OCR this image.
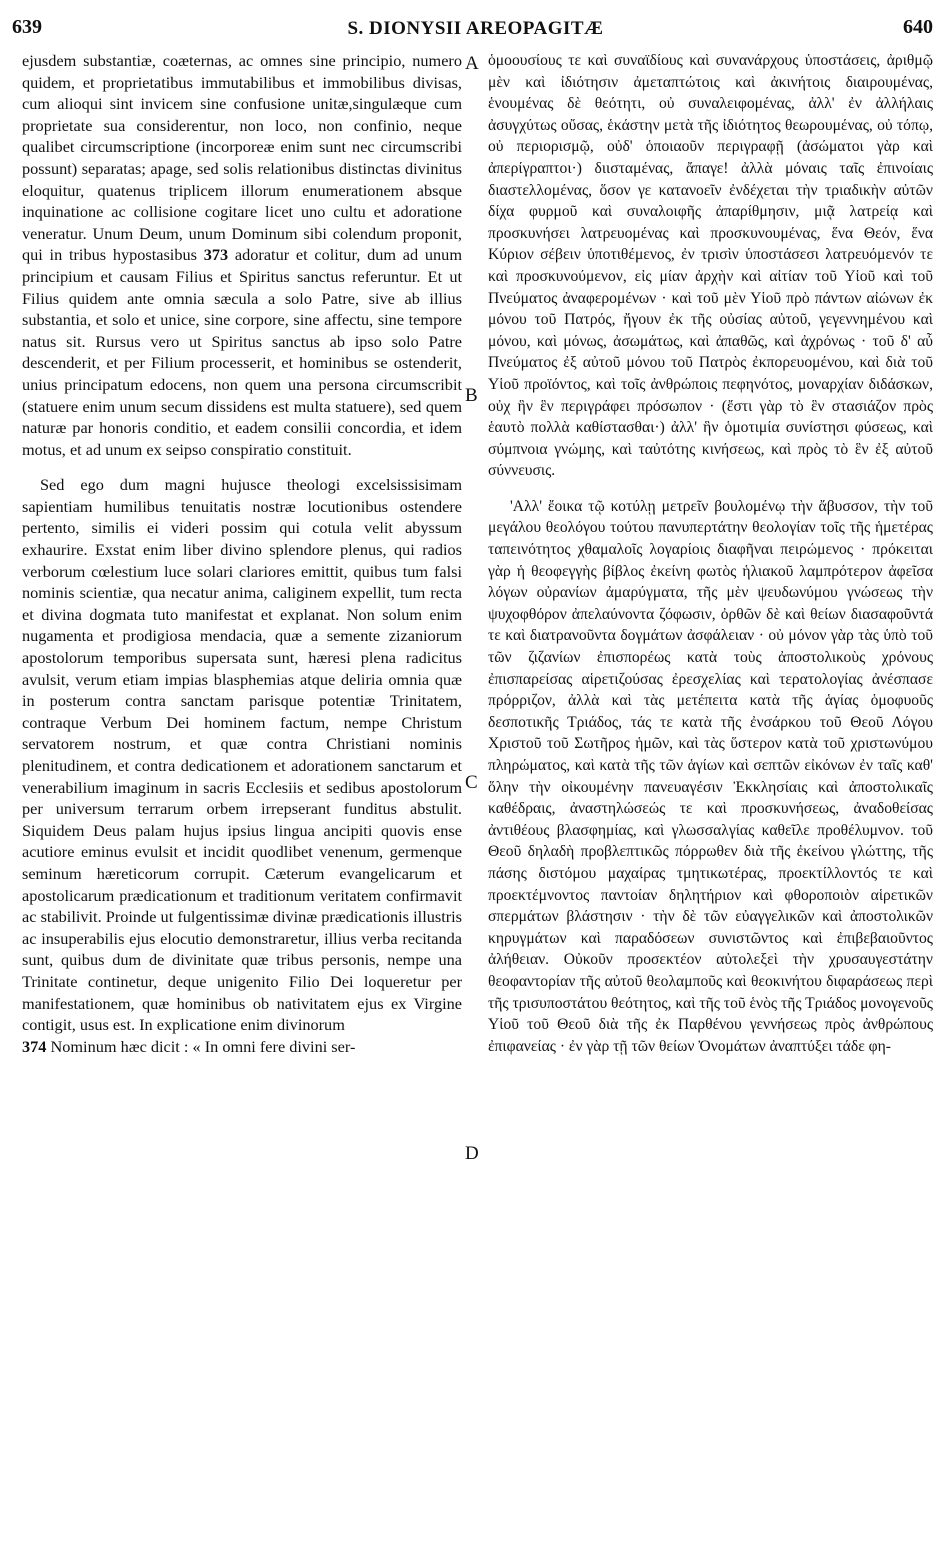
639	S. DIONYSII AREOPAGITÆ	640

ejusdem substantiæ, coæternas, ac omnes sine principio, numero quidem, et proprietatibus immutabilibus et immobilibus divisas, cum alioqui sint invicem sine confusione unitæ,singulæque cum proprietate sua considerentur, non loco, non confinio, neque qualibet circumscriptione (incorporeæ enim sunt nec circumscribi possunt) separatas; apage, sed solis relationibus distinctas divinitus eloquitur, quatenus triplicem illorum enumerationem absque inquinatione ac collisione cogitare licet uno cultu et adoratione veneratur. Unum Deum, unum Dominum sibi colendum proponit, qui in tribus hypostasibus 373 adoratur et colitur, dum ad unum principium et causam Filius et Spiritus sanctus referuntur. Et ut Filius quidem ante omnia sæcula a solo Patre, sive ab illius substantia, et solo et unice, sine corpore, sine affectu, sine tempore natus sit. Rursus vero ut Spiritus sanctus ab ipso solo Patre descenderit, et per Filium processerit, et hominibus se ostenderit, unius principatum edocens, non quem una persona circumscribit (statuere enim unum secum dissidens est multa statuere), sed quem naturæ par honoris conditio, et eadem consilii concordia, et idem motus, et ad unum ex seipso conspiratio constituit.

Sed ego dum magni hujusce theologi excelsissisimam sapientiam humilibus tenuitatis nostræ locutionibus ostendere pertento, similis ei videri possim qui cotula velit abyssum exhaurire. Exstat enim liber divino splendore plenus, qui radios verborum cœlestium luce solari clariores emittit, quibus tum falsi nominis scientiæ, qua necatur anima, caliginem expellit, tum recta et divina dogmata tuto manifestat et explanat. Non solum enim nugamenta et prodigiosa mendacia, quæ a semente zizaniorum apostolorum temporibus supersata sunt, hæresi plena radicitus avulsit, verum etiam impias blasphemias atque deliria omnia quæ in posterum contra sanctam parisque potentiæ Trinitatem, contraque Verbum Dei hominem factum, nempe Christum servatorem nostrum, et quæ contra Christiani nominis plenitudinem, et contra dedicationem et adorationem sanctarum et venerabilium imaginum in sacris Ecclesiis et sedibus apostolorum per universum terrarum orbem irrepserant funditus abstulit. Siquidem Deus palam hujus ipsius lingua ancipiti quovis ense acutiore eminus evulsit et incidit quodlibet venenum, germenque seminum hæreticorum corrupit. Cæterum evangelicarum et apostolicarum prædicationum et traditionum veritatem confirmavit ac stabilivit. Proinde ut fulgentissimæ divinæ prædicationis illustris ac insuperabilis ejus elocutio demonstraretur, illius verba recitanda sunt, quibus dum de divinitate quæ tribus personis, nempe una Trinitate continetur, deque unigenito Filio Dei loqueretur per manifestationem, quæ hominibus ob nativitatem ejus ex Virgine contigit, usus est. In explicatione enim divinorum
374 Nominum hæc dicit : « In omni fere divini ser-

A
B
C
D

ὁμοουσίους τε καὶ συναϊδίους καὶ συνανάρχους ὑποστάσεις, ἀριθμῷ μὲν καὶ ἰδιότησιν ἀμεταπτώτοις καὶ ἀκινήτοις διαιρουμένας, ἑνουμένας δὲ θεότητι, οὐ συναλειφομένας, ἀλλ' ἐν ἀλλήλαις ἀσυγχύτως οὔσας, ἑκάστην μετὰ τῆς ἰδιότητος θεωρουμένας, οὐ τόπῳ, οὐ περιορισμῷ, οὐδ' ὁποιαοῦν περιγραφῇ (ἀσώματοι γὰρ καὶ ἀπερίγραπτοι·) διισταμένας, ἄπαγε! ἀλλὰ μόναις ταῖς ἐπινοίαις διαστελλομένας, ὅσον γε κατανοεῖν ἐνδέχεται τὴν τριαδικὴν αὐτῶν δίχα φυρμοῦ καὶ συναλοιφῆς ἀπαρίθμησιν, μιᾷ λατρείᾳ καὶ προσκυνήσει λατρευομένας καὶ προσκυνουμένας, ἕνα Θεόν, ἕνα Κύριον σέβειν ὑποτιθέμενος, ἐν τρισὶν ὑποστάσεσι λατρευόμενόν τε καὶ προσκυνούμενον, εἰς μίαν ἀρχὴν καὶ αἰτίαν τοῦ Υἱοῦ καὶ τοῦ Πνεύματος ἀναφερομένων · καὶ τοῦ μὲν Υἱοῦ πρὸ πάντων αἰώνων ἐκ μόνου τοῦ Πατρός, ἤγουν ἐκ τῆς οὐσίας αὐτοῦ, γεγεννημένου καὶ μόνου, καὶ μόνως, ἀσωμάτως, καὶ ἀπαθῶς, καὶ ἀχρόνως · τοῦ δ' αὖ Πνεύματος ἐξ αὐτοῦ μόνου τοῦ Πατρὸς ἐκπορευομένου, καὶ διὰ τοῦ Υἱοῦ προϊόντος, καὶ τοῖς ἀνθρώποις πεφηνότος, μοναρχίαν διδάσκων, οὐχ ἣν ἓν περιγράφει πρόσωπον · (ἔστι γὰρ τὸ ἓν στασιάζον πρὸς ἑαυτὸ πολλὰ καθίστασθαι·) ἀλλ' ἣν ὁμοτιμία συνίστησι φύσεως, καὶ σύμπνοια γνώμης, καὶ ταὐτότης κινήσεως, καὶ πρὸς τὸ ἓν ἐξ αὐτοῦ σύννευσις.

'Αλλ' ἔοικα τῷ κοτύλῃ μετρεῖν βουλομένῳ τὴν ἄβυσσον, τὴν τοῦ μεγάλου θεολόγου τούτου πανυπερτάτην θεολογίαν τοῖς τῆς ἡμετέρας ταπεινότητος χθαμαλοῖς λογαρίοις διαφῆναι πειρώμενος · πρόκειται γὰρ ἡ θεοφεγγὴς βίβλος ἐκείνη φωτὸς ἡλιακοῦ λαμπρότερον ἀφεῖσα λόγων οὐρανίων ἀμαρύγματα, τῆς μὲν ψευδωνύμου γνώσεως τὴν ψυχοφθόρον ἀπελαύνοντα ζόφωσιν, ὀρθῶν δὲ καὶ θείων διασαφοῦντά τε καὶ διατρανοῦντα δογμάτων ἀσφάλειαν · οὐ μόνον γὰρ τὰς ὑπὸ τοῦ τῶν ζιζανίων ἐπισπορέως κατὰ τοὺς ἀποστολικοὺς χρόνους ἐπισπαρείσας αἱρετιζούσας ἐρεσχελίας καὶ τερατολογίας ἀνέσπασε πρόρριζον, ἀλλὰ καὶ τὰς μετέπειτα κατὰ τῆς ἁγίας ὁμοφυοῦς δεσποτικῆς Τριάδος, τάς τε κατὰ τῆς ἐνσάρκου τοῦ Θεοῦ Λόγου Χριστοῦ τοῦ Σωτῆρος ἡμῶν, καὶ τὰς ὕστερον κατὰ τοῦ χριστωνύμου πληρώματος, καὶ κατὰ τῆς τῶν ἁγίων καὶ σεπτῶν εἰκόνων ἐν ταῖς καθ' ὅλην τὴν οἰκουμένην πανευαγέσιν Ἐκκλησίαις καὶ ἀποστολικαῖς καθέδραις, ἀναστηλώσεώς τε καὶ προσκυνήσεως, ἀναδοθείσας ἀντιθέους βλασφημίας, καὶ γλωσσαλγίας καθεῖλε προθέλυμνον. τοῦ Θεοῦ δηλαδὴ προβλεπτικῶς πόρρωθεν διὰ τῆς ἐκείνου γλώττης, τῆς πάσης διστόμου μαχαίρας τμητικωτέρας, προεκτίλλοντός τε καὶ προεκτέμνοντος παντοίαν δηλητήριον καὶ φθοροποιὸν αἱρετικῶν σπερμάτων βλάστησιν · τὴν δὲ τῶν εὐαγγελικῶν καὶ ἀποστολικῶν κηρυγμάτων καὶ παραδόσεων συνιστῶντος καὶ ἐπιβεβαιοῦντος ἀλήθειαν. Οὐκοῦν προσεκτέον αὐτολεξεὶ τὴν χρυσαυγεστάτην θεοφαντορίαν τῆς αὐτοῦ θεολαμποῦς καὶ θεοκινήτου διφαράσεως περὶ τῆς τρισυποστάτου θεότητος, καὶ τῆς τοῦ ἑνὸς τῆς Τριάδος μονογενοῦς Υἱοῦ τοῦ Θεοῦ διὰ τῆς ἐκ Παρθένου γεννήσεως πρὸς ἀνθρώπους ἐπιφανείας · ἐν γὰρ τῇ τῶν θείων Ὀνομάτων ἀναπτύξει τάδε φη-
